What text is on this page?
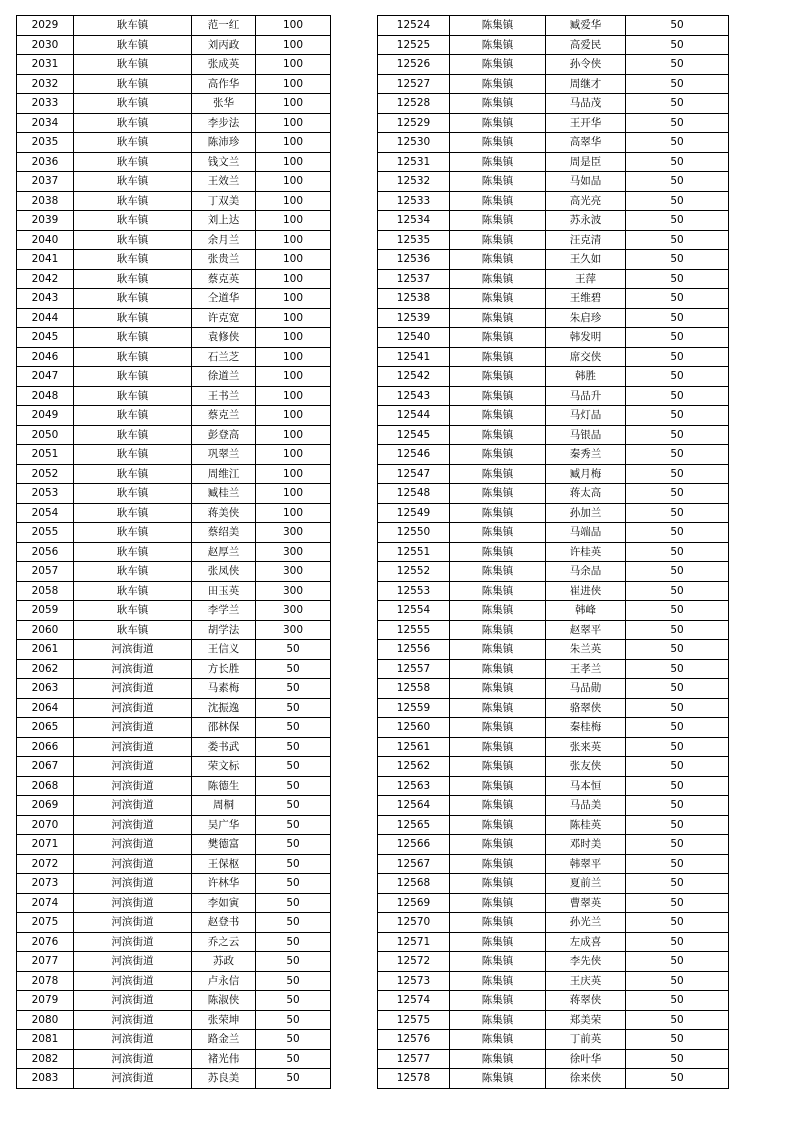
2029	耿车镇	范一红	100
2030	耿车镇	刘丙政	100
2031	耿车镇	张成英	100
2032	耿车镇	高作华	100
2033	耿车镇	张华	100
2034	耿车镇	李步法	100
2035	耿车镇	陈沛珍	100
2036	耿车镇	钱文兰	100
2037	耿车镇	王效兰	100
2038	耿车镇	丁双美	100
2039	耿车镇	刘上达	100
2040	耿车镇	余月兰	100
2041	耿车镇	张贵兰	100
2042	耿车镇	蔡克英	100
2043	耿车镇	仝道华	100
2044	耿车镇	许克宽	100
2045	耿车镇	袁修侠	100
2046	耿车镇	石兰芝	100
2047	耿车镇	徐道兰	100
2048	耿车镇	王书兰	100
2049	耿车镇	蔡克兰	100
2050	耿车镇	彭登高	100
2051	耿车镇	巩翠兰	100
2052	耿车镇	周维江	100
2053	耿车镇	臧桂兰	100
2054	耿车镇	蒋美侠	100
2055	耿车镇	蔡绍美	300
2056	耿车镇	赵厚兰	300
2057	耿车镇	张凤侠	300
2058	耿车镇	田玉英	300
2059	耿车镇	李学兰	300
2060	耿车镇	胡学法	300
2061	河滨街道	王信义	50
2062	河滨街道	方长胜	50
2063	河滨街道	马素梅	50
2064	河滨街道	沈振逸	50
2065	河滨街道	邵林保	50
2066	河滨街道	娄书武	50
2067	河滨街道	荣文标	50
2068	河滨街道	陈德生	50
2069	河滨街道	周桐	50
2070	河滨街道	吴广华	50
2071	河滨街道	樊德富	50
2072	河滨街道	王保枢	50
2073	河滨街道	许林华	50
2074	河滨街道	李如寅	50
2075	河滨街道	赵登书	50
2076	河滨街道	乔之云	50
2077	河滨街道	苏政	50
2078	河滨街道	卢永信	50
2079	河滨街道	陈淑侠	50
2080	河滨街道	张荣坤	50
2081	河滨街道	路金兰	50
2082	河滨街道	褚光伟	50
2083	河滨街道	苏良美	50
12524	陈集镇	臧爱华	50
12525	陈集镇	高爱民	50
12526	陈集镇	孙令侠	50
12527	陈集镇	周继才	50
12528	陈集镇	马品茂	50
12529	陈集镇	王开华	50
12530	陈集镇	高翠华	50
12531	陈集镇	周是臣	50
12532	陈集镇	马如品	50
12533	陈集镇	高光亮	50
12534	陈集镇	苏永波	50
12535	陈集镇	汪克清	50
12536	陈集镇	王久如	50
12537	陈集镇	王萍	50
12538	陈集镇	王维碧	50
12539	陈集镇	朱启珍	50
12540	陈集镇	韩发明	50
12541	陈集镇	席交侠	50
12542	陈集镇	韩胜	50
12543	陈集镇	马品升	50
12544	陈集镇	马灯品	50
12545	陈集镇	马银品	50
12546	陈集镇	秦秀兰	50
12547	陈集镇	臧月梅	50
12548	陈集镇	蒋太高	50
12549	陈集镇	孙加兰	50
12550	陈集镇	马端品	50
12551	陈集镇	许桂英	50
12552	陈集镇	马余品	50
12553	陈集镇	崔进侠	50
12554	陈集镇	韩峰	50
12555	陈集镇	赵翠平	50
12556	陈集镇	朱兰英	50
12557	陈集镇	王孝兰	50
12558	陈集镇	马品勋	50
12559	陈集镇	骆翠侠	50
12560	陈集镇	秦桂梅	50
12561	陈集镇	张来英	50
12562	陈集镇	张友侠	50
12563	陈集镇	马本恒	50
12564	陈集镇	马品美	50
12565	陈集镇	陈桂英	50
12566	陈集镇	邓时美	50
12567	陈集镇	韩翠平	50
12568	陈集镇	夏前兰	50
12569	陈集镇	曹翠英	50
12570	陈集镇	孙光兰	50
12571	陈集镇	左成喜	50
12572	陈集镇	李先侠	50
12573	陈集镇	王庆英	50
12574	陈集镇	蒋翠侠	50
12575	陈集镇	郑美荣	50
12576	陈集镇	丁前英	50
12577	陈集镇	徐叶华	50
12578	陈集镇	徐来侠	50
